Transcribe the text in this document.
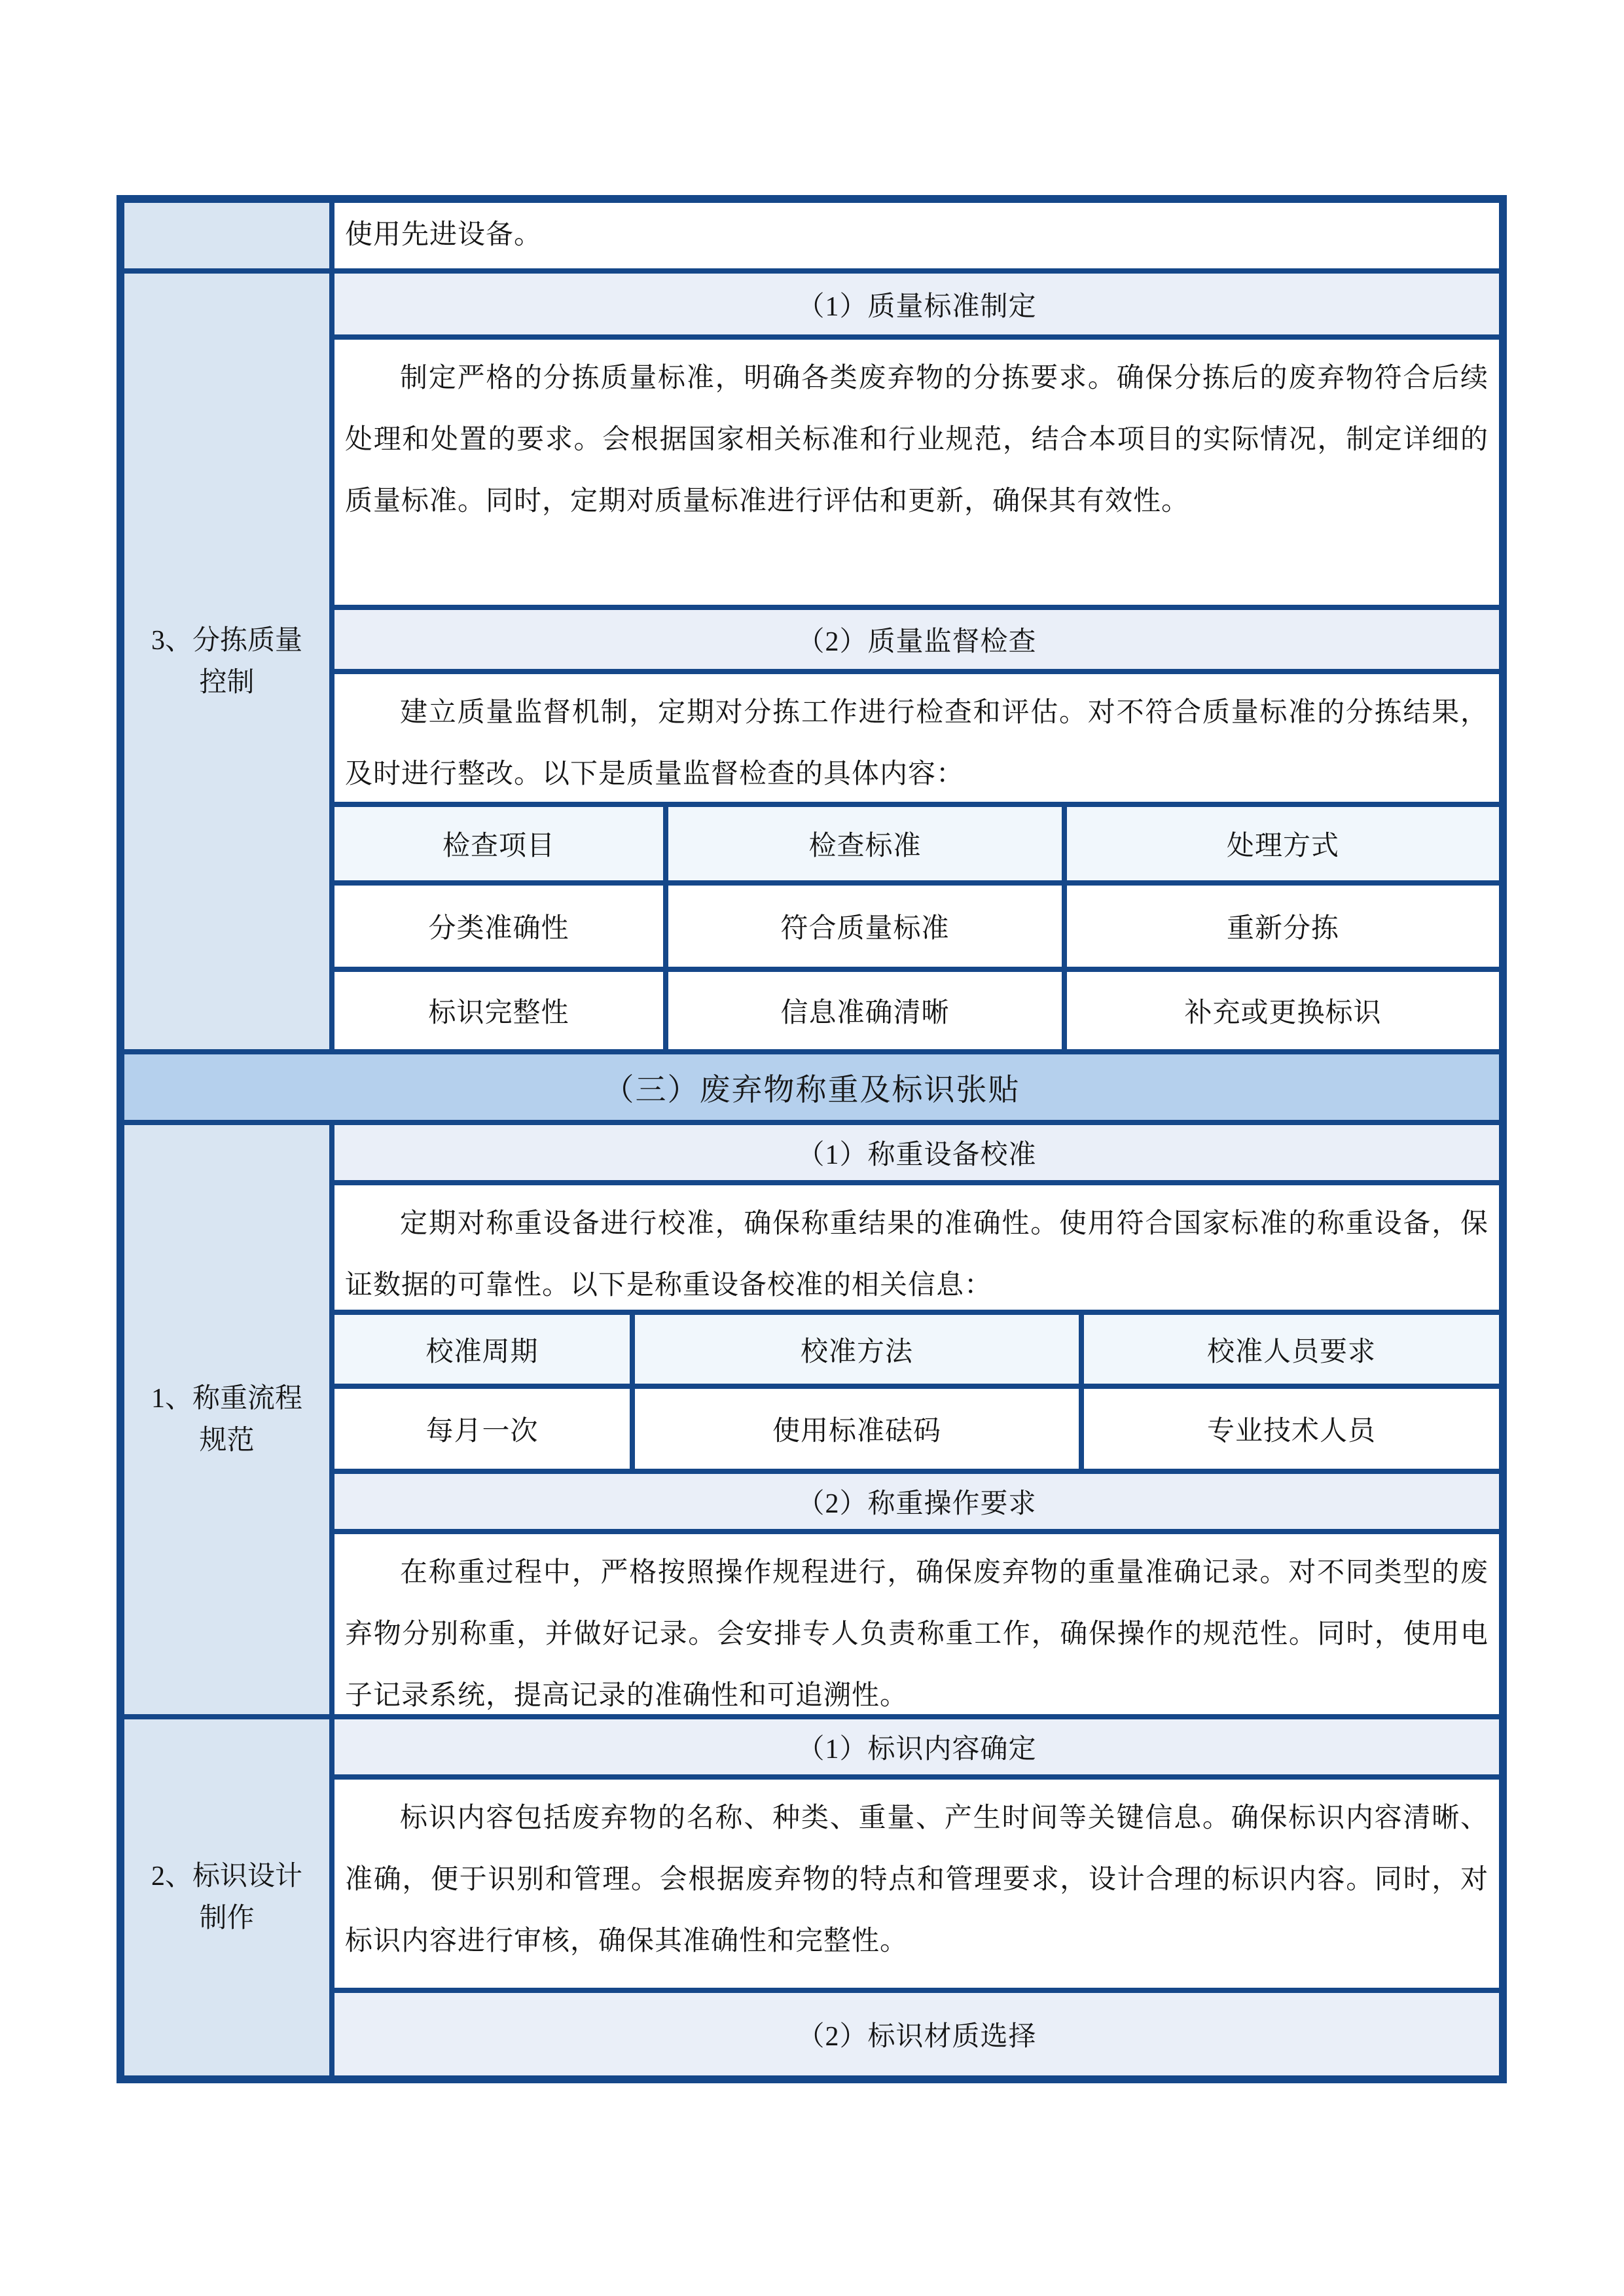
使用先进设备。

3、分拣质量控制
（1）质量标准制定

制定严格的分拣质量标准，明确各类废弃物的分拣要求。确保分拣后的废弃物符合后续处理和处置的要求。会根据国家相关标准和行业规范，结合本项目的实际情况，制定详细的质量标准。同时，定期对质量标准进行评估和更新，确保其有效性。

（2）质量监督检查

建立质量监督机制，定期对分拣工作进行检查和评估。对不符合质量标准的分拣结果，及时进行整改。以下是质量监督检查的具体内容：

检查项目	检查标准	处理方式
分类准确性	符合质量标准	重新分拣
标识完整性	信息准确清晰	补充或更换标识
（三）废弃物称重及标识张贴
1、称重流程规范
（1）称重设备校准

定期对称重设备进行校准，确保称重结果的准确性。使用符合国家标准的称重设备，保证数据的可靠性。以下是称重设备校准的相关信息：

校准周期	校准方法	校准人员要求
每月一次	使用标准砝码	专业技术人员
（2）称重操作要求

在称重过程中，严格按照操作规程进行，确保废弃物的重量准确记录。对不同类型的废弃物分别称重，并做好记录。会安排专人负责称重工作，确保操作的规范性。同时，使用电子记录系统，提高记录的准确性和可追溯性。

2、标识设计制作
（1）标识内容确定

标识内容包括废弃物的名称、种类、重量、产生时间等关键信息。确保标识内容清晰、准确，便于识别和管理。会根据废弃物的特点和管理要求，设计合理的标识内容。同时，对标识内容进行审核，确保其准确性和完整性。

（2）标识材质选择
